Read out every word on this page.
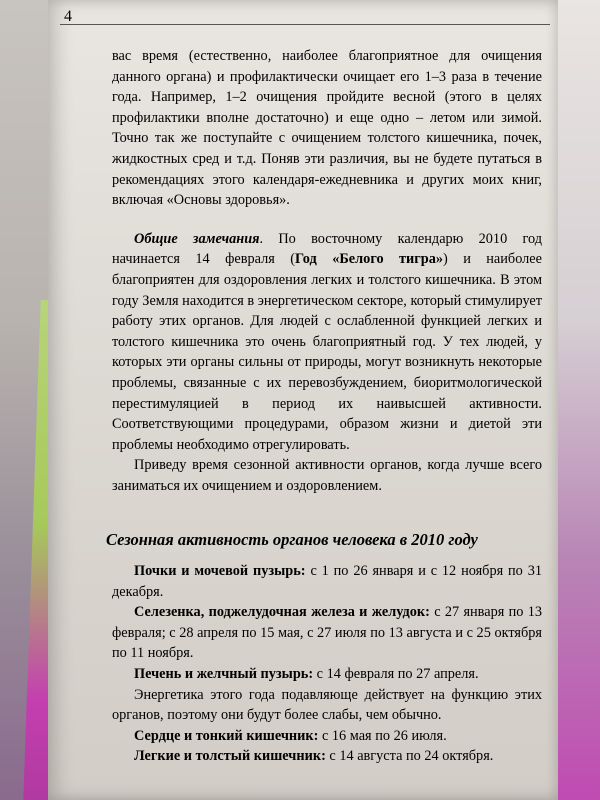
4

вас время (естественно, наиболее благоприятное для очищения данного органа) и профилактически очищает его 1–3 раза в течение года. Например, 1–2 очищения пройдите весной (этого в целях профилактики вполне достаточно) и еще одно – летом или зимой. Точно так же поступайте с очищением толстого кишечника, почек, жидкостных сред и т.д. Поняв эти различия, вы не будете путаться в рекомендациях этого календаря-ежедневника и других моих книг, включая «Основы здоровья».

Общие замечания. По восточному календарю 2010 год начинается 14 февраля (Год «Белого тигра») и наиболее благоприятен для оздоровления легких и толстого кишечника. В этом году Земля находится в энергетическом секторе, который стимулирует работу этих органов. Для людей с ослабленной функцией легких и толстого кишечника это очень благоприятный год. У тех людей, у которых эти органы сильны от природы, могут возникнуть некоторые проблемы, связанные с их перевозбуждением, биоритмологической перестимуляцией в период их наивысшей активности. Соответствующими процедурами, образом жизни и диетой эти проблемы необходимо отрегулировать.

Приведу время сезонной активности органов, когда лучше всего заниматься их очищением и оздоровлением.

Сезонная активность органов человека в 2010 году

Почки и мочевой пузырь: с 1 по 26 января и с 12 ноября по 31 декабря.

Селезенка, поджелудочная железа и желудок: с 27 января по 13 февраля; с 28 апреля по 15 мая, с 27 июля по 13 августа и с 25 октября по 11 ноября.

Печень и желчный пузырь: с 14 февраля по 27 апреля.

Энергетика этого года подавляюще действует на функцию этих органов, поэтому они будут более слабы, чем обычно.

Сердце и тонкий кишечник: с 16 мая по 26 июля.

Легкие и толстый кишечник: с 14 августа по 24 октября.
